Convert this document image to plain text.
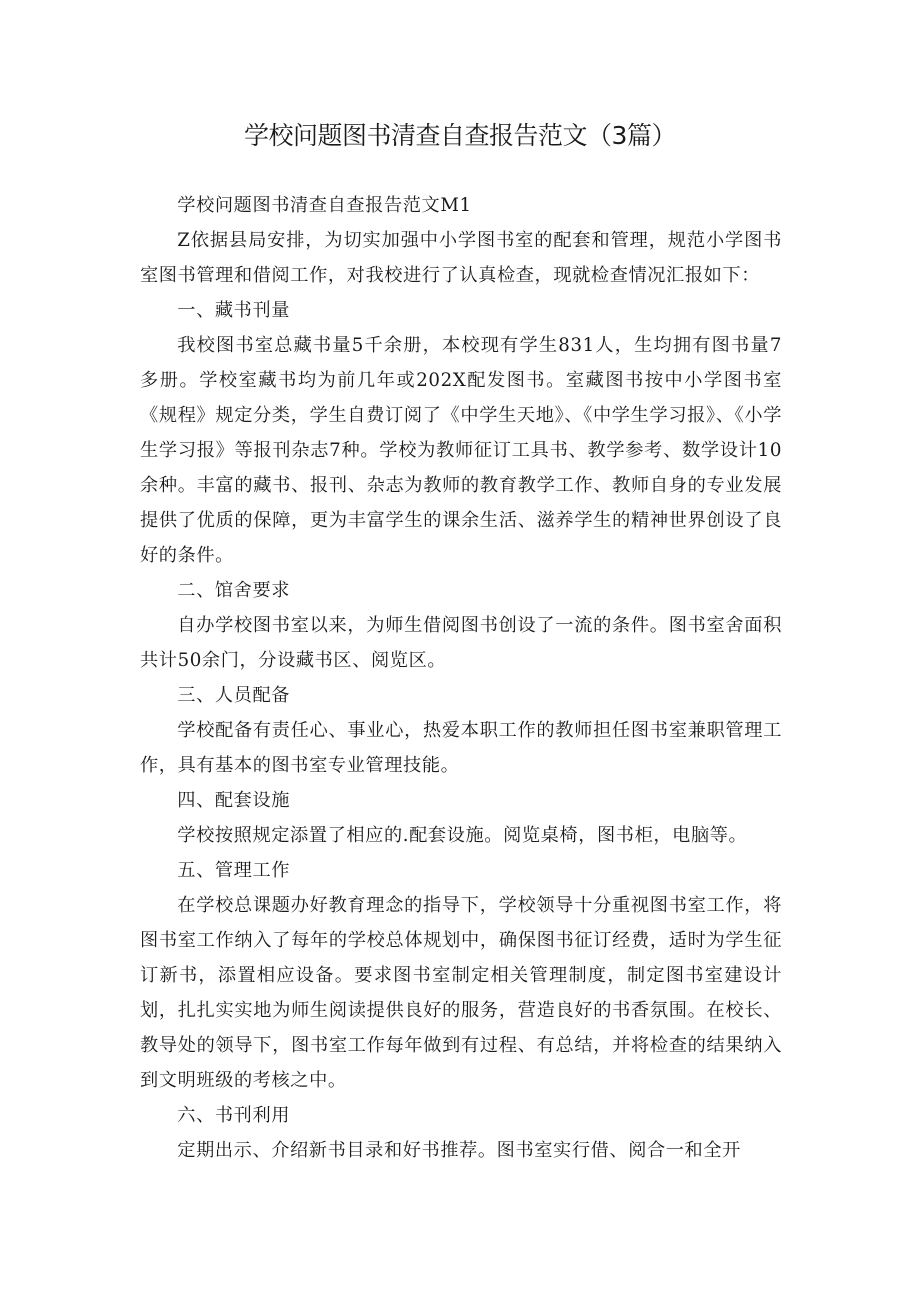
学校问题图书清查自查报告范文（3篇）

学校问题图书清查自查报告范文M1

Z依据县局安排，为切实加强中小学图书室的配套和管理，规范小学图书室图书管理和借阅工作，对我校进行了认真检查，现就检查情况汇报如下：

一、藏书刊量

我校图书室总藏书量5千余册，本校现有学生831人，生均拥有图书量7多册。学校室藏书均为前几年或202X配发图书。室藏图书按中小学图书室《规程》规定分类，学生自费订阅了《中学生天地》、《中学生学习报》、《小学生学习报》等报刊杂志7种。学校为教师征订工具书、教学参考、数学设计10余种。丰富的藏书、报刊、杂志为教师的教育教学工作、教师自身的专业发展提供了优质的保障，更为丰富学生的课余生活、滋养学生的精神世界创设了良好的条件。

二、馆舍要求

自办学校图书室以来，为师生借阅图书创设了一流的条件。图书室舍面积共计50余门，分设藏书区、阅览区。

三、人员配备

学校配备有责任心、事业心，热爱本职工作的教师担任图书室兼职管理工作，具有基本的图书室专业管理技能。

四、配套设施

学校按照规定添置了相应的.配套设施。阅览桌椅，图书柜，电脑等。

五、管理工作

在学校总课题办好教育理念的指导下，学校领导十分重视图书室工作，将图书室工作纳入了每年的学校总体规划中，确保图书征订经费，适时为学生征订新书，添置相应设备。要求图书室制定相关管理制度，制定图书室建设计划，扎扎实实地为师生阅读提供良好的服务，营造良好的书香氛围。在校长、教导处的领导下，图书室工作每年做到有过程、有总结，并将检查的结果纳入到文明班级的考核之中。

六、书刊利用

定期出示、介绍新书目录和好书推荐。图书室实行借、阅合一和全开
